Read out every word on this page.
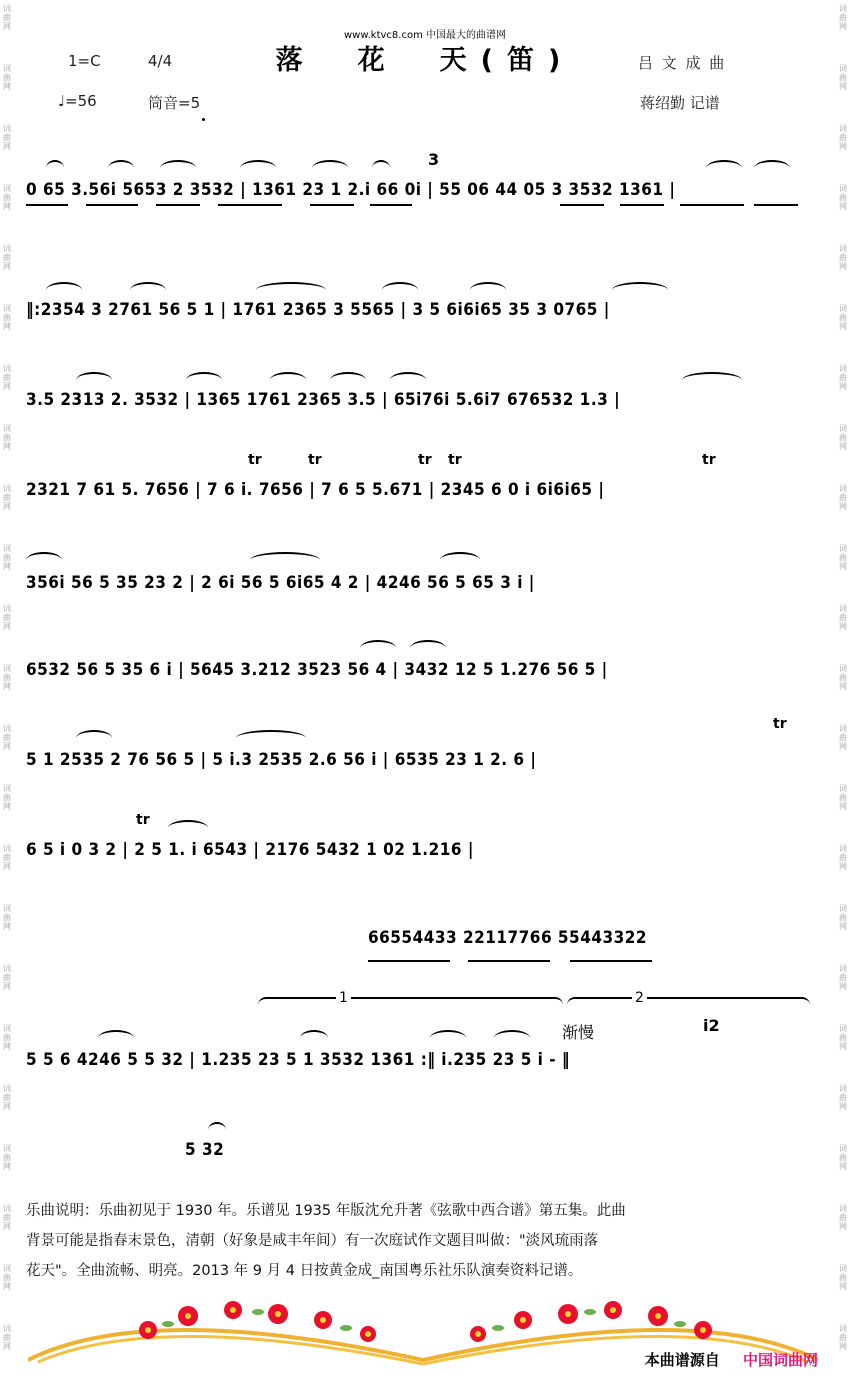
词
曲
网
词
曲
网
词
曲
网
词
曲
网
词
曲
网
词
曲
网
词
曲
网
词
曲
网
词
曲
网
词
曲
网
词
曲
网
词
曲
网
词
曲
网
词
曲
网
词
曲
网
词
曲
网
词
曲
网
词
曲
网
词
曲
网
词
曲
网
词
曲
网
词
曲
网
词
曲
网
词
曲
网
词
曲
网
词
曲
网
词
曲
网
词
曲
网
词
曲
网
词
曲
网
词
曲
网
词
曲
网
词
曲
网
词
曲
网
词
曲
网
词
曲
网
词
曲
网
词
曲
网
词
曲
网
词
曲
网
词
曲
网
词
曲
网
词
曲
网
词
曲
网
词
曲
网
词
曲
网
www.ktvc8.com 中国最大的曲谱网
落　花　天(笛)
1=C	4/4	吕 文 成 曲
♩=56	筒音=5	蒋绍勤 记谱
0 65 3.56i 5653 2 3532 | 1361 23 1 2.i 66 0i | 55 06 44 05 3 3532 1361 |
‖:2354 3 2761 56 5 1 | 1761 2365 3 5565 | 3 5 6i6i65 35 3 0765 |
3.5 2313 2. 3532 | 1365 1761 2365 3.5 | 65i76i 5.6i7 676532 1.3 |
2321 7 61 5. 7656 | 7 6 i. 7656 | 7 6 5 5.671 | 2345 6 0 i 6i6i65 |
356i 56 5 35 23 2 | 2 6i 56 5 6i65 4 2 | 4246 56 5 65 3 i |
6532 56 5 35 6 i | 5645 3.212 3523 56 4 | 3432 12 5 1.276 56 5 |
5 1 2535 2 76 56 5 | 5 i.3 2535 2.6 56 i | 6535 23 1 2. 6 |
6 5 i 0 3 2 | 2 5 1. i 6543 | 2176 5432 1 02 1.216 |
66554433 22117766 55443322
5 5 6 4246 5 5 32 | 1.235 23 5 1 3532 1361 :‖ i.235 23 5 i - ‖
5 32
3
i2
渐慢
tr	tr	tr tr	tr
tr
tr
1	2
乐曲说明：乐曲初见于 1930 年。乐谱见 1935 年版沈允升著《弦歌中西合谱》第五集。此曲
背景可能是指春末景色，清朝（好象是咸丰年间）有一次庭试作文题目叫做："淡风琉雨落
花天"。全曲流畅、明亮。2013 年 9 月 4 日按黄金成_南国粤乐社乐队演奏资料记谱。
本曲谱源自 中国词曲网
